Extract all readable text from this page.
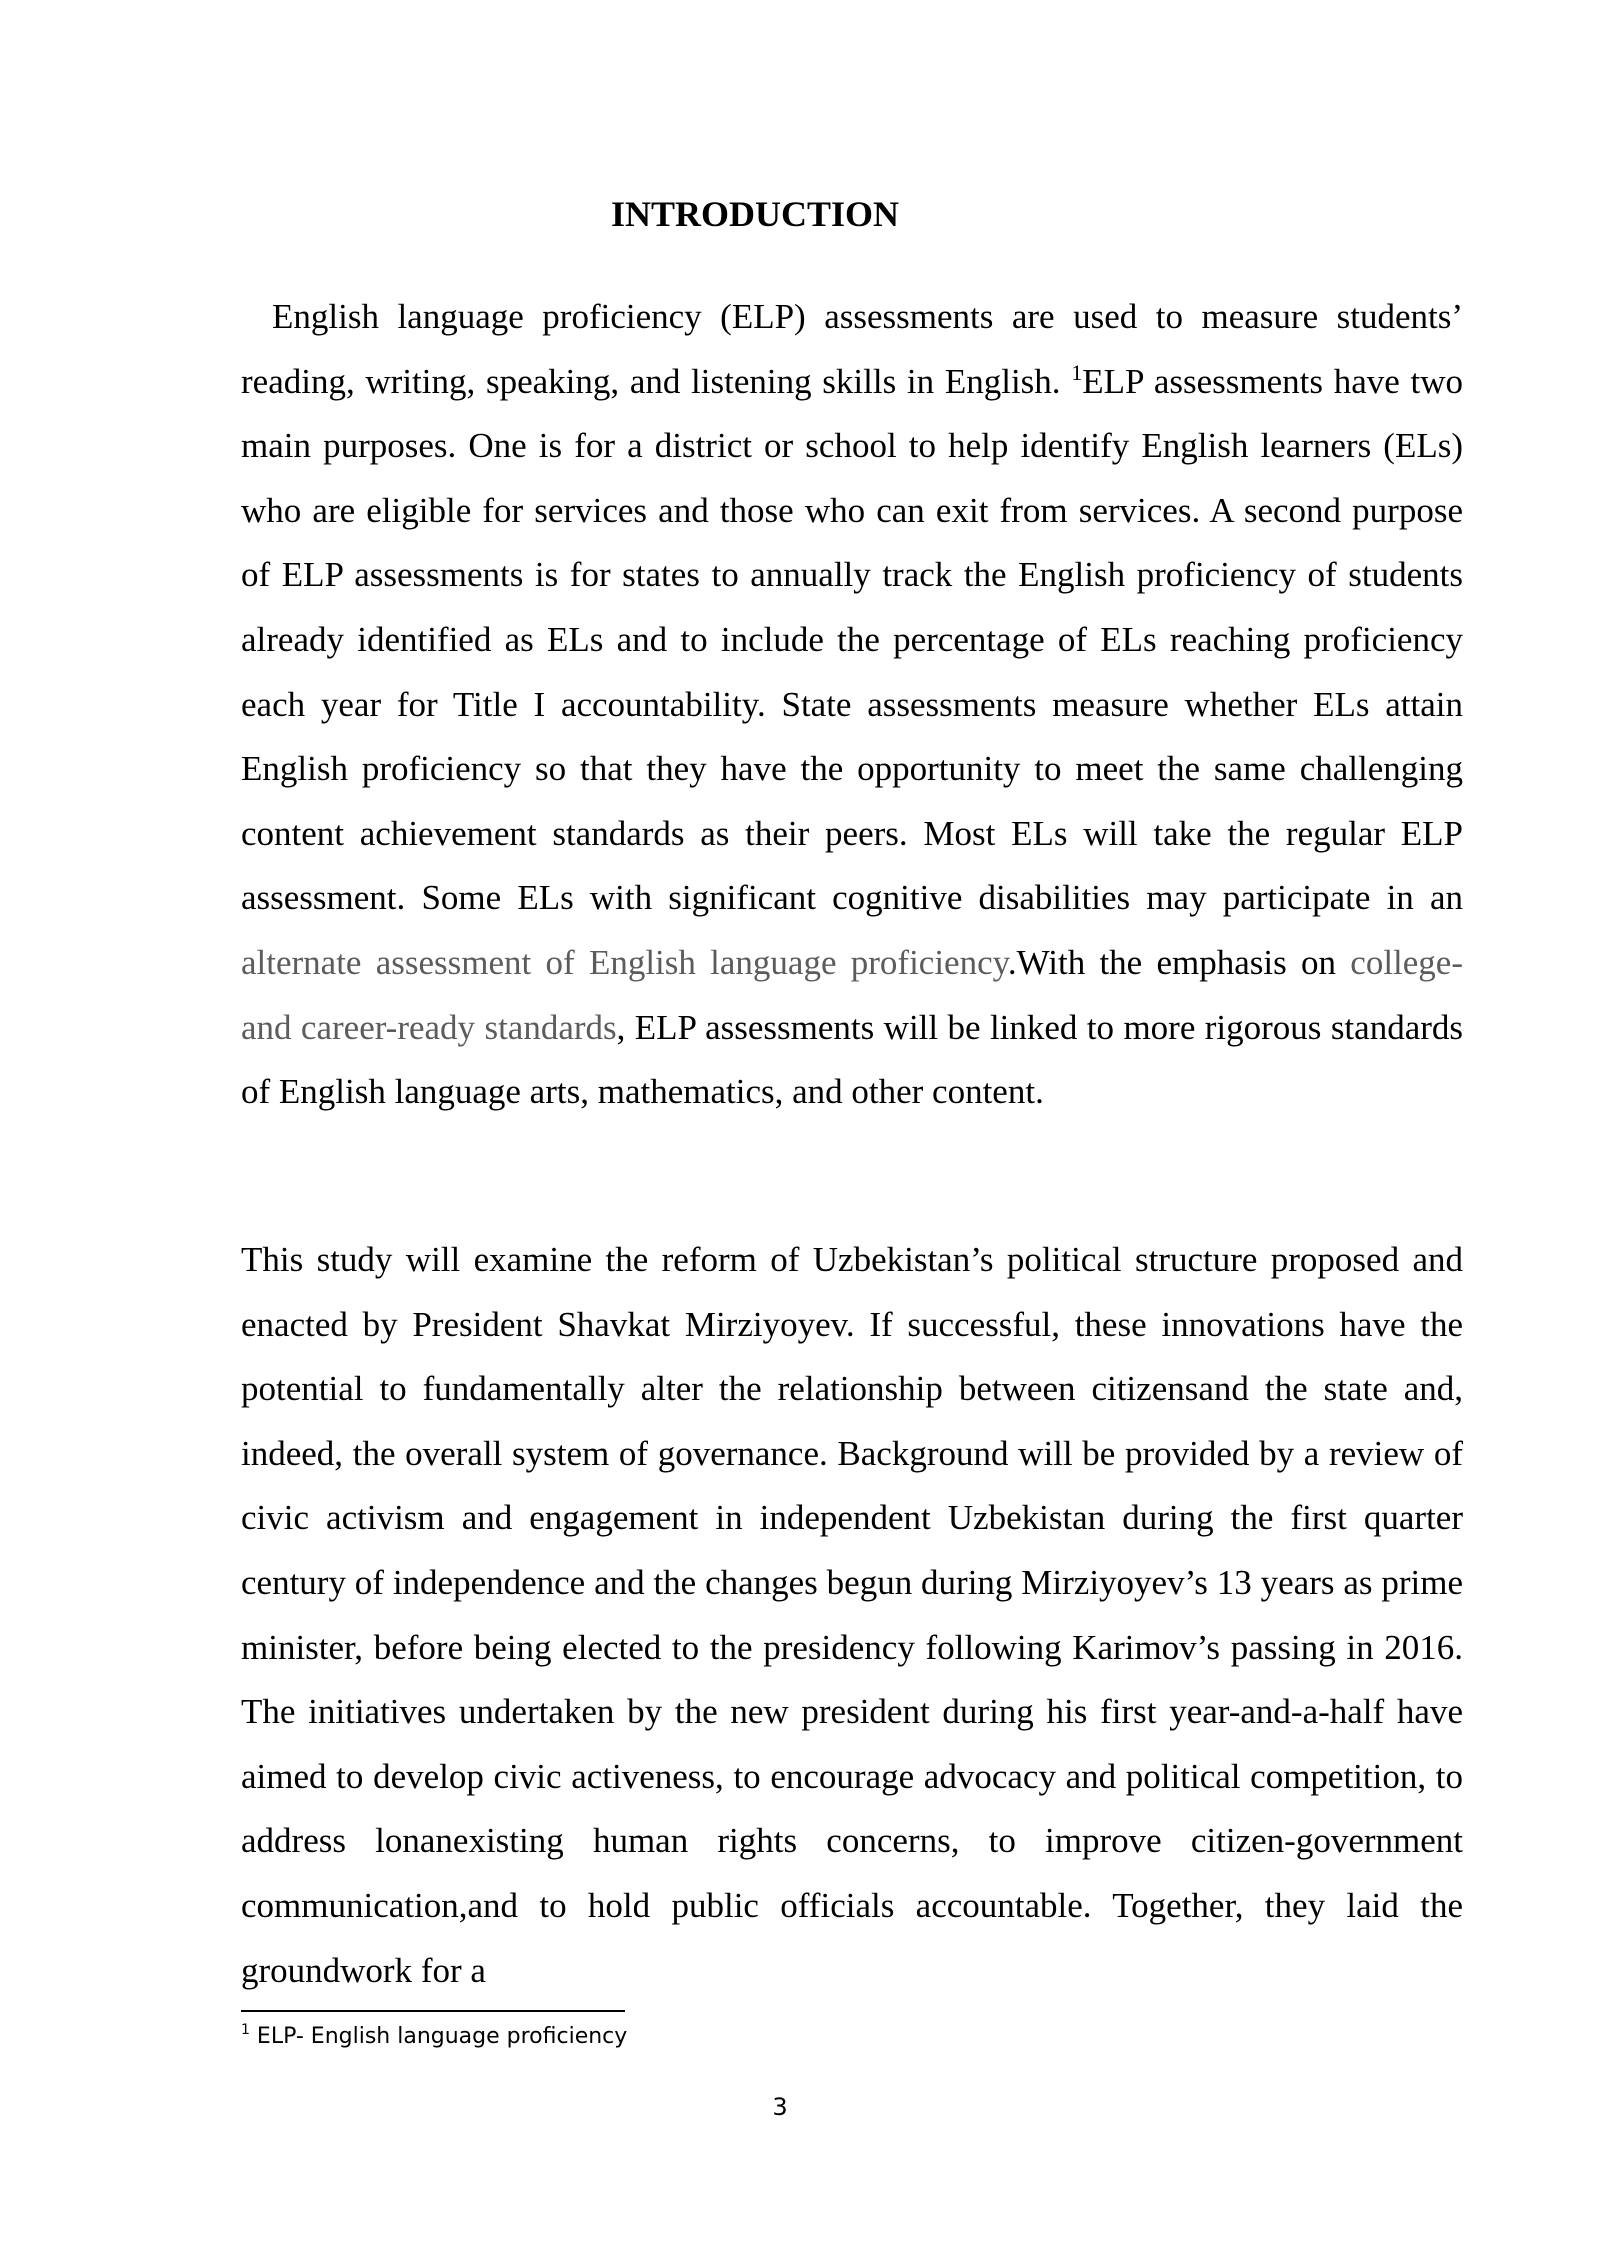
INTRODUCTION

English language proficiency (ELP) assessments are used to measure students’ reading, writing, speaking, and listening skills in English. $^1$ELP assessments have two main purposes. One is for a district or school to help identify English learners (ELs) who are eligible for services and those who can exit from services. A second purpose of ELP assessments is for states to annually track the English proficiency of students already identified as ELs and to include the percentage of ELs reaching proficiency each year for Title I accountability. State assessments measure whether ELs attain English proficiency so that they have the opportunity to meet the same challenging content achievement standards as their peers. Most ELs will take the regular ELP assessment. Some ELs with significant cognitive disabilities may participate in an alternate assessment of English language proficiency.With the emphasis on college- and career-ready standards, ELP assessments will be linked to more rigorous standards of English language arts, mathematics, and other content.

This study will examine the reform of Uzbekistan’s political structure proposed and enacted by President Shavkat Mirziyoyev. If successful, these innovations have the potential to fundamentally alter the relationship between citizensand the state and, indeed, the overall system of governance. Background will be provided by a review of civic activism and engagement in independent Uzbekistan during the first quarter century of independence and the changes begun during Mirziyoyev’s 13 years as prime minister, before being elected to the presidency following Karimov’s passing in 2016. The initiatives undertaken by the new president during his first year-and-a-half have aimed to develop civic activeness, to encourage advocacy and political competition, to address lonanexisting human rights concerns, to improve citizen-government communication,and to hold public officials accountable. Together, they laid the groundwork for a

$^1$ ELP- English language proficiency

3
